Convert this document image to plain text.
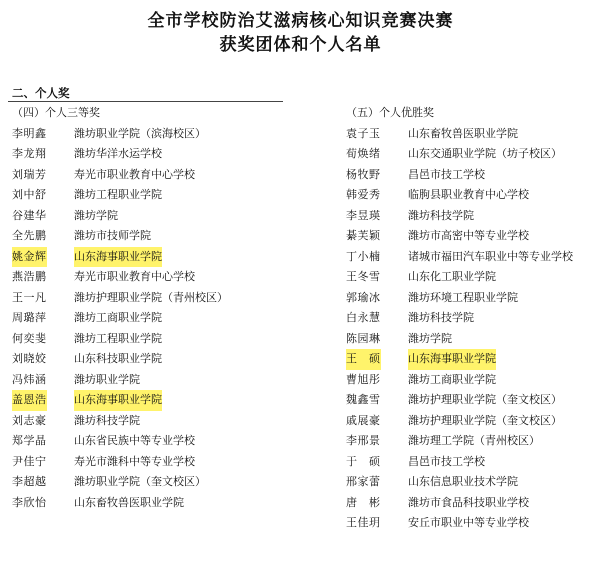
全市学校防治艾滋病核心知识竞赛决赛
获奖团体和个人名单
二、个人奖
（四）个人三等奖
李明鑫	潍坊职业学院（滨海校区）
李龙翔	潍坊华洋水运学校
刘瑞芳	寿光市职业教育中心学校
刘中舒	潍坊工程职业学院
谷建华	潍坊学院
全先鹏	潍坊市技师学院
姚金辉	山东海事职业学院
燕浩鹏	寿光市职业教育中心学校
王一凡	潍坊护理职业学院（青州校区）
周璐萍	潍坊工商职业学院
何奕斐	潍坊工程职业学院
刘晓姣	山东科技职业学院
冯炜涵	潍坊职业学院
盖恩浩	山东海事职业学院
刘志豪	潍坊科技学院
郑学晶	山东省民族中等专业学校
尹佳宁	寿光市潍科中等专业学校
李超越	潍坊职业学院（奎文校区）
李欣怡	山东畜牧兽医职业学院
（五）个人优胜奖
袁子玉	山东畜牧兽医职业学院
荀焕绪	山东交通职业学院（坊子校区）
杨牧野	昌邑市技工学校
韩爱秀	临朐县职业教育中心学校
李昱瑛	潍坊科技学院
綦芙颖	潍坊市高密中等专业学校
丁小楠	诸城市福田汽车职业中等专业学校
王冬雪	山东化工职业学院
郭瑜冰	潍坊环境工程职业学院
白永慧	潍坊科技学院
陈园琳	潍坊学院
王　硕	山东海事职业学院
曹旭彤	潍坊工商职业学院
魏鑫雪	潍坊护理职业学院（奎文校区）
戚展豪	潍坊护理职业学院（奎文校区）
李邢景	潍坊理工学院（青州校区）
于　硕	昌邑市技工学校
邢家蕾	山东信息职业技术学院
唐　彬	潍坊市食品科技职业学校
王佳玥	安丘市职业中等专业学校
